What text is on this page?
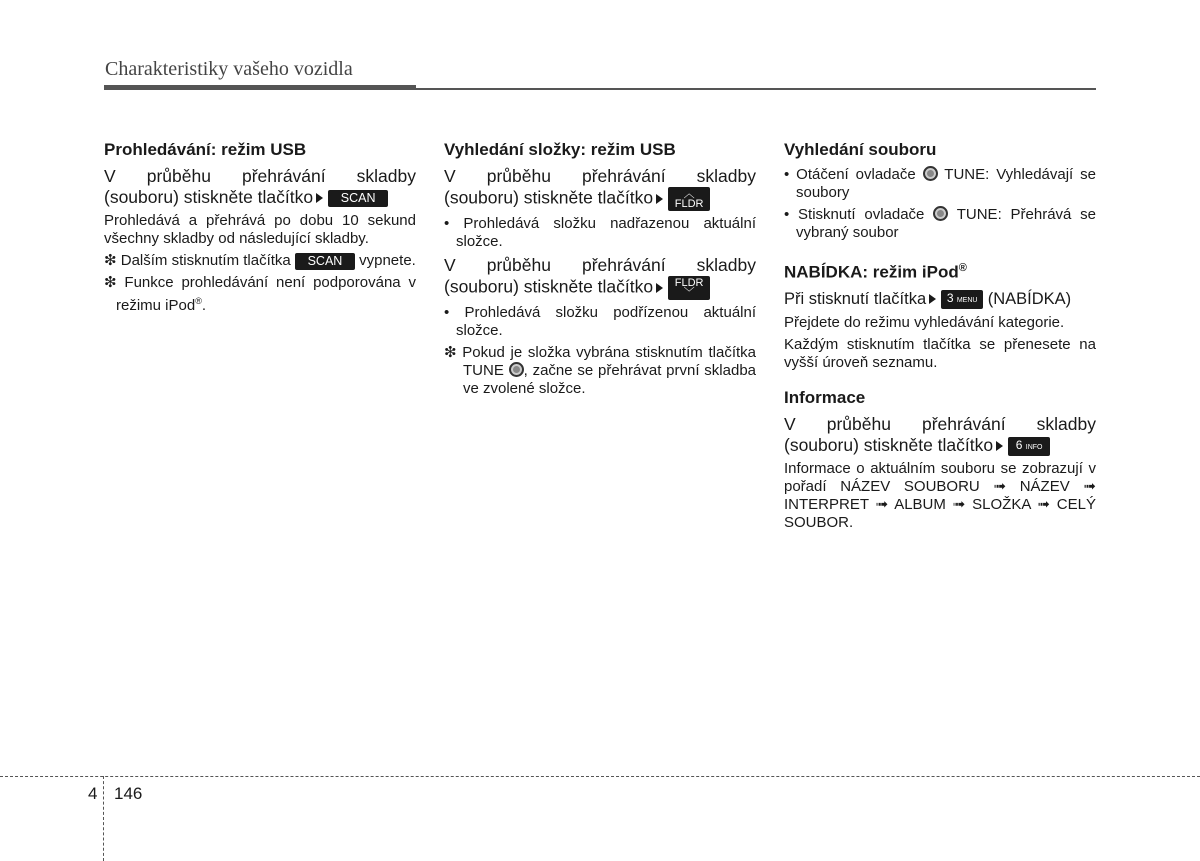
Charakteristiky vašeho vozidla
Prohledávání: režim USB

V průběhu přehrávání skladby (souboru) stiskněte tlačítko SCAN

Prohledává a přehrává po dobu 10 sekund všechny skladby od následující skladby.

❇ Dalším stisknutím tlačítka SCAN vypnete.

❇ Funkce prohledávání není podporována v režimu iPod®.

Vyhledání složky: režim USB

V průběhu přehrávání skladby (souboru) stiskněte tlačítko	︿
FLDR

• Prohledává složku nadřazenou aktuální složce.

V průběhu přehrávání skladby (souboru) stiskněte tlačítko FLDR
﹀

• Prohledává složku podřízenou aktuální složce.

❇ Pokud je složka vybrána stisknutím tlačítka TUNE , začne se přehrávat první skladba ve zvolené složce.

Vyhledání souboru

• Otáčení ovladače TUNE: Vyhledávají se soubory

• Stisknutí ovladače TUNE: Přehrává se vybraný soubor

NABÍDKA: režim iPod®

Při stisknutí tlačítka 3 MENU (NABÍDKA)

Přejdete do režimu vyhledávání kategorie.

Každým stisknutím tlačítka se přenesete na vyšší úroveň seznamu.

Informace

V průběhu přehrávání skladby (souboru) stiskněte tlačítko 6 INFO

Informace o aktuálním souboru se zobrazují v pořadí NÁZEV SOUBORU ➟ NÁZEV ➟ INTERPRET ➟ ALBUM ➟ SLOŽKA ➟ CELÝ SOUBOR.

4 146
